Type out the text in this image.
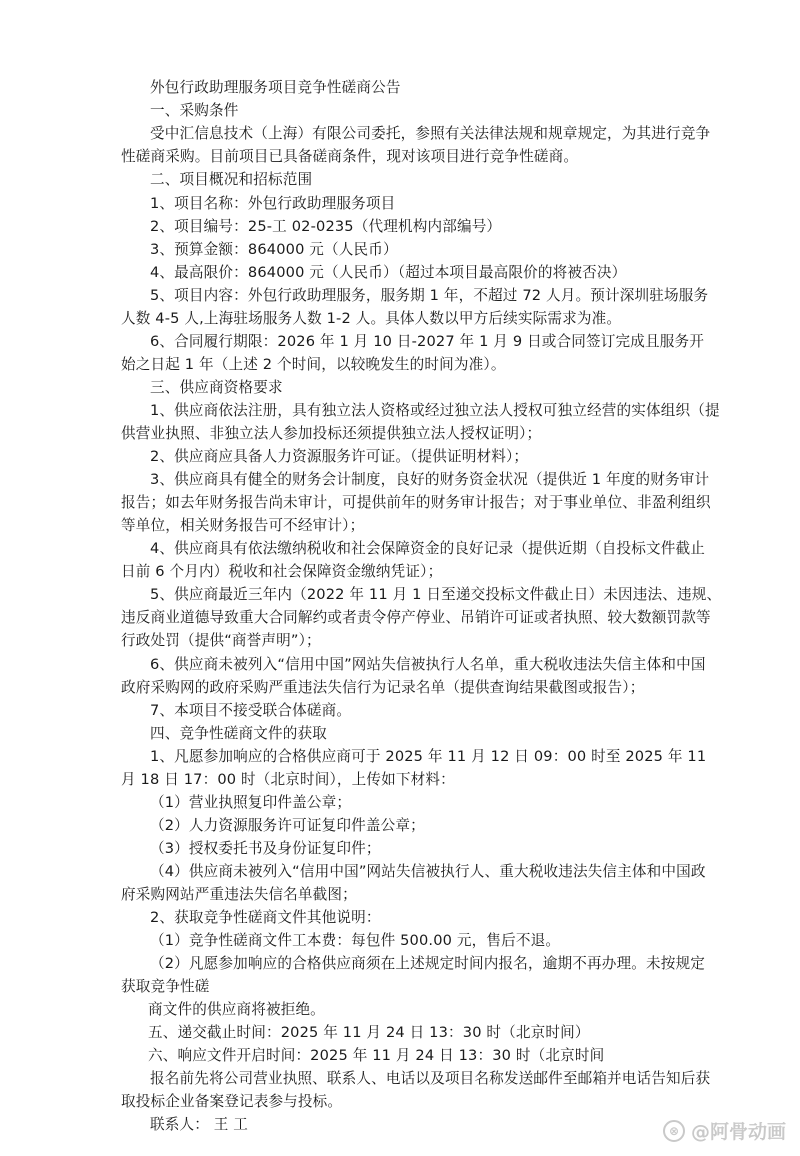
外包行政助理服务项目竞争性磋商公告
一、采购条件
受中汇信息技术（上海）有限公司委托，参照有关法律法规和规章规定，为其进行竞争
性磋商采购。目前项目已具备磋商条件，现对该项目进行竞争性磋商。
二、项目概况和招标范围
1、项目名称：外包行政助理服务项目
2、项目编号：25-工 02-0235（代理机构内部编号）
3、预算金额：864000 元（人民币）
4、最高限价：864000 元（人民币）（超过本项目最高限价的将被否决）
5、项目内容：外包行政助理服务，服务期 1 年，不超过 72 人月。预计深圳驻场服务
人数 4-5 人,上海驻场服务人数 1-2 人。具体人数以甲方后续实际需求为准。
6、合同履行期限：2026 年 1 月 10 日-2027 年 1 月 9 日或合同签订完成且服务开
始之日起 1 年（上述 2 个时间，以较晚发生的时间为准）。
三、供应商资格要求
1、供应商依法注册，具有独立法人资格或经过独立法人授权可独立经营的实体组织（提
供营业执照、非独立法人参加投标还须提供独立法人授权证明）；
2、供应商应具备人力资源服务许可证。（提供证明材料）；
3、供应商具有健全的财务会计制度，良好的财务资金状况（提供近 1 年度的财务审计
报告；如去年财务报告尚未审计，可提供前年的财务审计报告；对于事业单位、非盈利组织
等单位，相关财务报告可不经审计）；
4、供应商具有依法缴纳税收和社会保障资金的良好记录（提供近期（自投标文件截止
日前 6 个月内）税收和社会保障资金缴纳凭证）；
5、供应商最近三年内（2022 年 11 月 1 日至递交投标文件截止日）未因违法、违规、
违反商业道德导致重大合同解约或者责令停产停业、吊销许可证或者执照、较大数额罚款等
行政处罚（提供“商誉声明”）；
6、供应商未被列入“信用中国”网站失信被执行人名单，重大税收违法失信主体和中国
政府采购网的政府采购严重违法失信行为记录名单（提供查询结果截图或报告）；
7、本项目不接受联合体磋商。
四、竞争性磋商文件的获取
1、凡愿参加响应的合格供应商可于 2025 年 11 月 12 日 09：00 时至 2025 年 11
月 18 日 17：00 时（北京时间），上传如下材料：
（1）营业执照复印件盖公章；
（2）人力资源服务许可证复印件盖公章；
（3）授权委托书及身份证复印件；
（4）供应商未被列入“信用中国”网站失信被执行人、重大税收违法失信主体和中国政
府采购网站严重违法失信名单截图；
2、获取竞争性磋商文件其他说明：
（1）竞争性磋商文件工本费：每包件 500.00 元，售后不退。
（2）凡愿参加响应的合格供应商须在上述规定时间内报名，逾期不再办理。未按规定
获取竞争性磋
商文件的供应商将被拒绝。
五、递交截止时间：2025 年 11 月 24 日 13：30 时（北京时间）
六、响应文件开启时间：2025 年 11 月 24 日 13：30 时（北京时间
报名前先将公司营业执照、联系人、电话以及项目名称发送邮件至邮箱并电话告知后获
取投标企业备案登记表参与投标。
联系人： 王 工	⊗ @阿骨动画
